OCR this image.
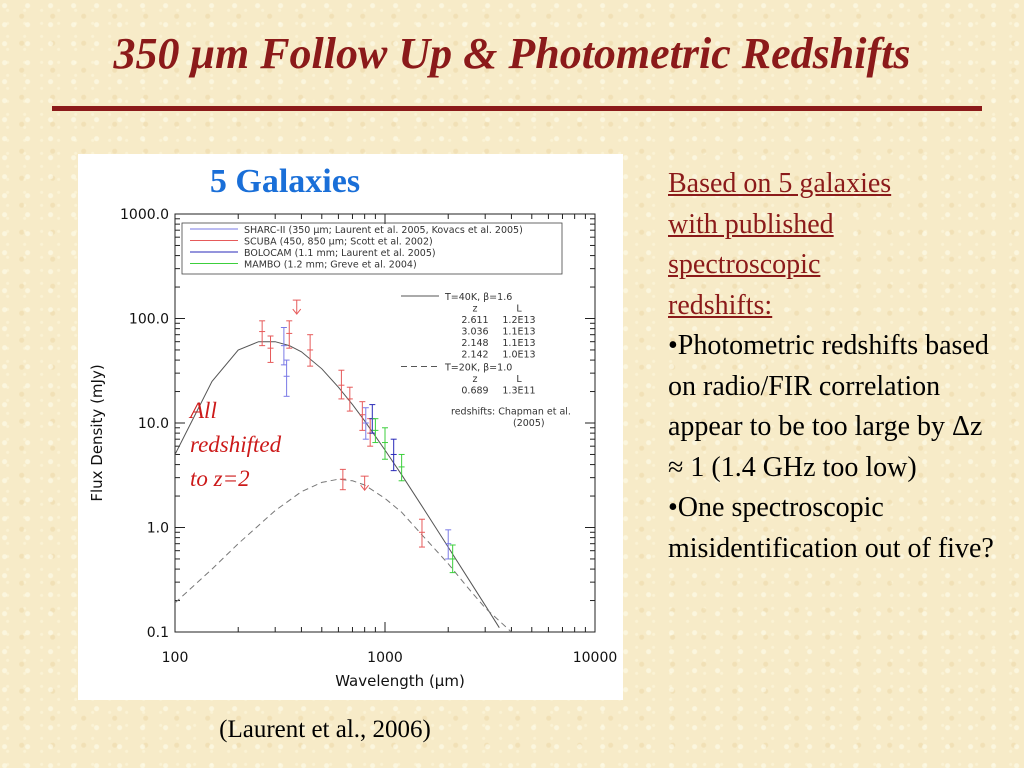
350 μm Follow Up & Photometric Redshifts
100	1000	10000
0.1
1.0
10.0
100.0
1000.0
Wavelength (μm)
Flux Density (mJy)
SHARC-II (350 μm; Laurent et al. 2005, Kovacs et al. 2005)
SCUBA (450, 850 μm; Scott et al. 2002)
BOLOCAM (1.1 mm; Laurent et al. 2005)
MAMBO (1.2 mm; Greve et al. 2004)
T=40K, β=1.6
z	L
2.611 1.2E13
3.036 1.1E13
2.148 1.1E13
2.142 1.0E13
T=20K, β=1.0
z	L
0.689 1.3E11
redshifts: Chapman et al.
(2005)
5 Galaxies
All
redshifted
to z=2
(Laurent et al., 2006)
Based on 5 galaxies
with published
spectroscopic
redshifts:

•Photometric redshifts based on radio/FIR correlation appear to be too large by Δz ≈ 1 (1.4 GHz too low)

•One spectroscopic misidentification out of five?
